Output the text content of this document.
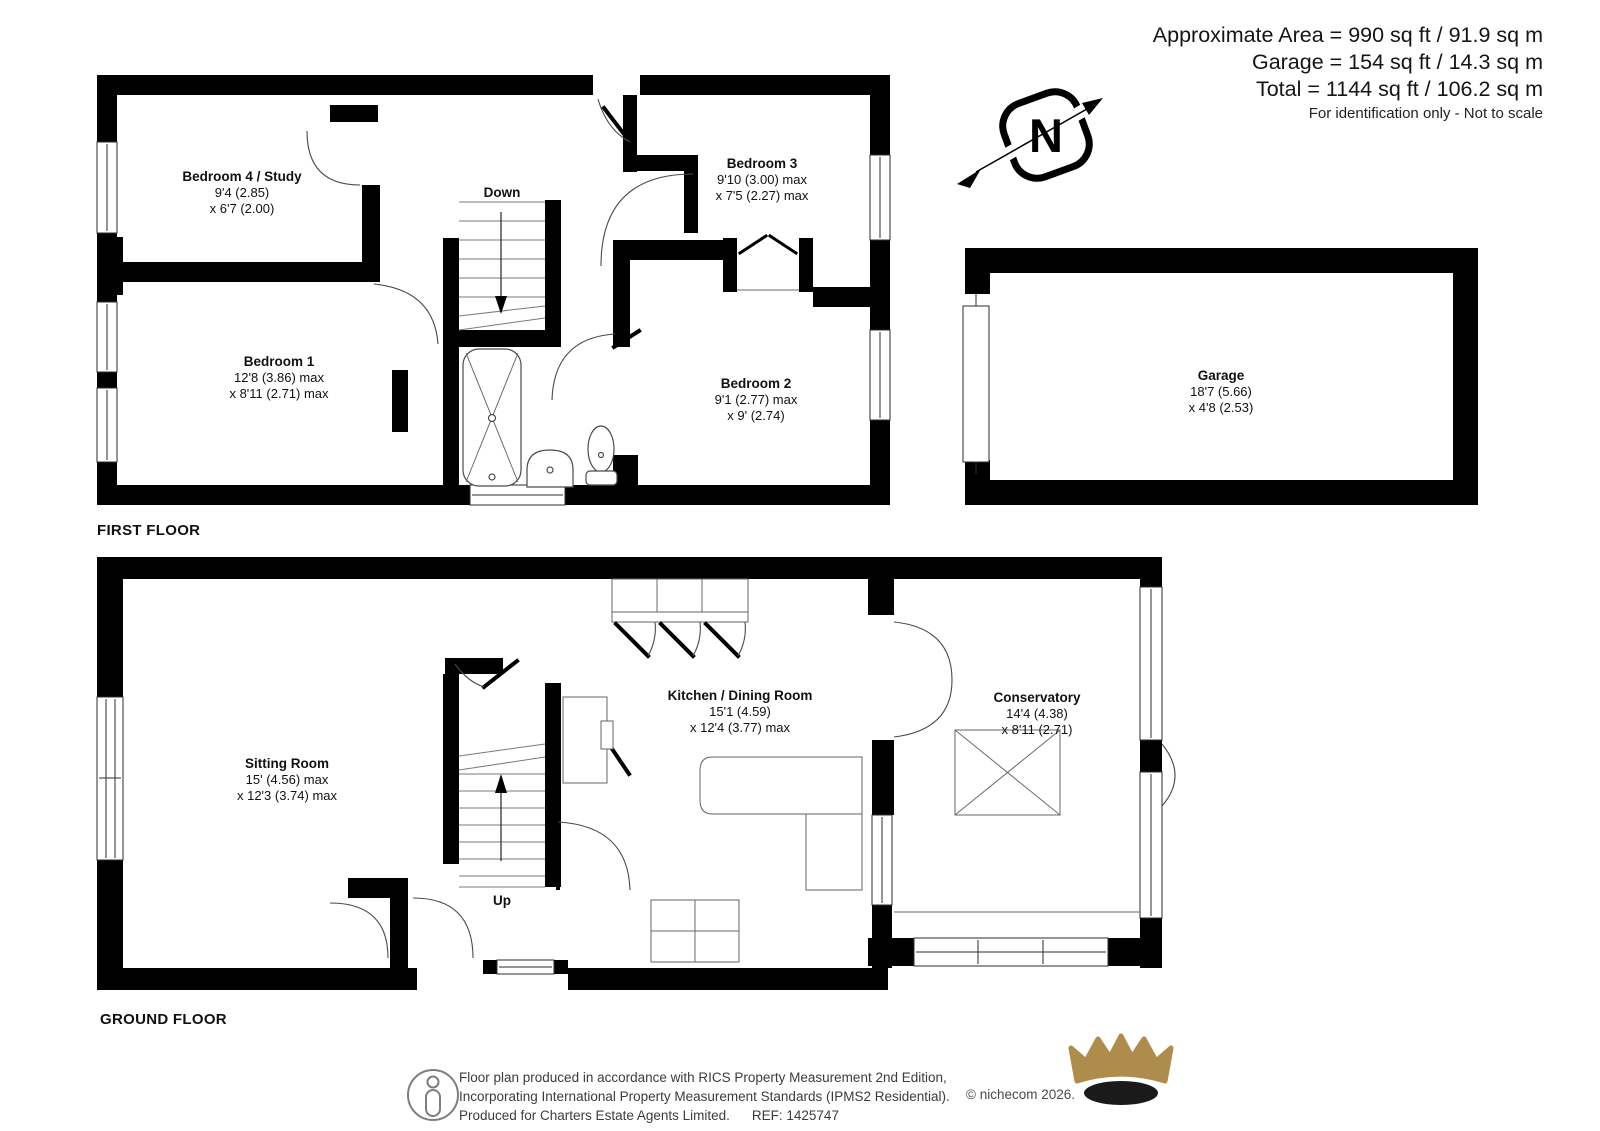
Bedroom 4 / Study
9'4 (2.85)
x 6'7 (2.00)
Bedroom 3
9'10 (3.00) max
x 7'5 (2.27) max
Bedroom 1
12'8 (3.86) max
x 8'11 (2.71) max
Bedroom 2
9'1 (2.77) max
x 9' (2.74)
Down
FIRST FLOOR
Garage
18'7 (5.66)
x 4'8 (2.53)
Sitting Room
15' (4.56) max
x 12'3 (3.74) max
Kitchen / Dining Room
15'1 (4.59)
x 12'4 (3.77) max
Conservatory
14'4 (4.38)
x 8'11 (2.71)
Up
GROUND FLOOR
N
Approximate Area = 990 sq ft / 91.9 sq m
Garage = 154 sq ft / 14.3 sq m
Total = 1144 sq ft / 106.2 sq m
For identification only - Not to scale
Floor plan produced in accordance with RICS Property Measurement 2nd Edition,
Incorporating International Property Measurement Standards (IPMS2 Residential).
Produced for Charters Estate Agents Limited. REF: 1425747
© nichecom 2026.
